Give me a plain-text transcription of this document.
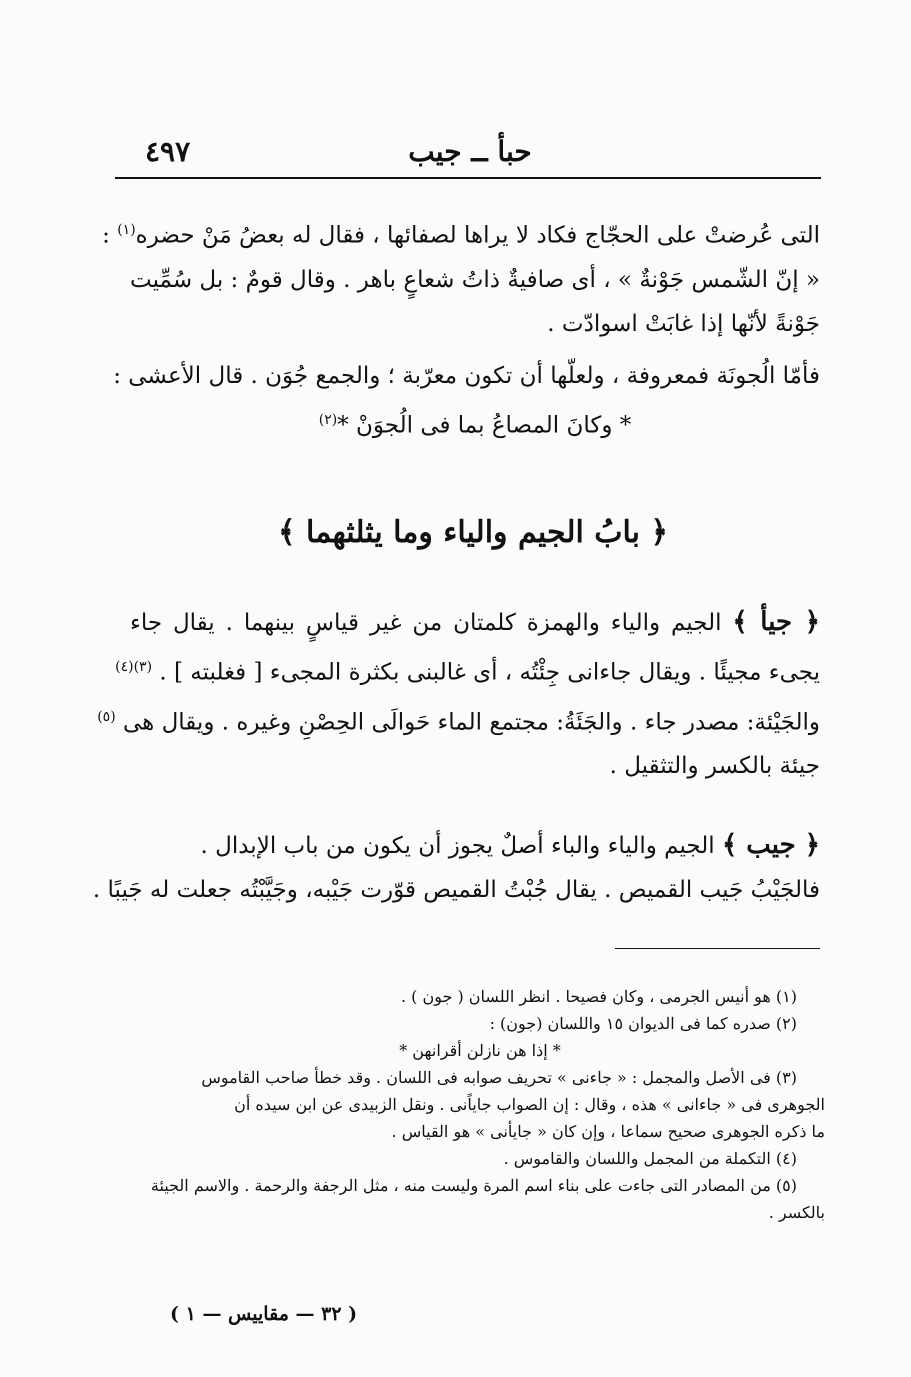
حبأ ــ جيب
٤٩٧
التى عُرضتْ على الحجّاج فكاد لا يراها لصفائها ، فقال له بعضُ مَنْ حضره$^{(١)}$ :
« إنّ الشّمس جَوْنةٌ » ، أى صافيةٌ ذاتُ شعاعٍ باهر . وقال قومٌ : بل سُمِّيت
جَوْنةً لأنّها إذا غابَتْ اسوادّت .
فأمّا الُجونَة فمعروفة ، ولعلّها أن تكون معرّبة ؛ والجمع جُوَن . قال الأعشى :
* وكانَ المصاعُ بما فى الُجوَنْ *$^{(٢)}$
﴿ بابُ الجيم والياء وما يثلثهما ﴾
﴿ جيأ ﴾ الجيم والياء والهمزة كلمتان من غير قياسٍ بينهما . يقال جاء
يجىء مجيئًا . ويقال جاءانى جِئْتُه ، أى غالبنى بكثرة المجىء [ فغلبته ] . $^{(٣)(٤)}$
والجَيْئة: مصدر جاء . والجَئَةُ: مجتمع الماء حَوالَى الحِصْنِ وغيره . ويقال هى $^{(٥)}$
جيئة بالكسر والتثقيل .
﴿ جيب ﴾ الجيم والياء والباء أصلٌ يجوز أن يكون من باب الإبدال .
فالجَيْبُ جَيب القميص . يقال جُبْتُ القميص قوّرت جَيْبه، وجَيَّبْتُه جعلت له جَيبًا .
(١) هو أنيس الجرمى ، وكان فصيحا . انظر اللسان ( جون ) .
(٢) صدره كما فى الديوان ١٥ واللسان (جون) :
* إذا هن نازلن أقرانهن *
(٣) فى الأصل والمجمل : « جاءنى » تحريف صوابه فى اللسان . وقد خطأ صاحب القاموس
الجوهرى فى « جاءانى » هذه ، وقال : إن الصواب جاياًنى . ونقل الزبيدى عن ابن سيده أن
ما ذكره الجوهرى صحيح سماعا ، وإن كان « جايأنى » هو القياس .
(٤) التكملة من المجمل واللسان والقاموس .
(٥) من المصادر التى جاءت على بناء اسم المرة وليست منه ، مثل الرجفة والرحمة . والاسم الجيئة
بالكسر .
( ٣٢ — مقاييس — ١ )
